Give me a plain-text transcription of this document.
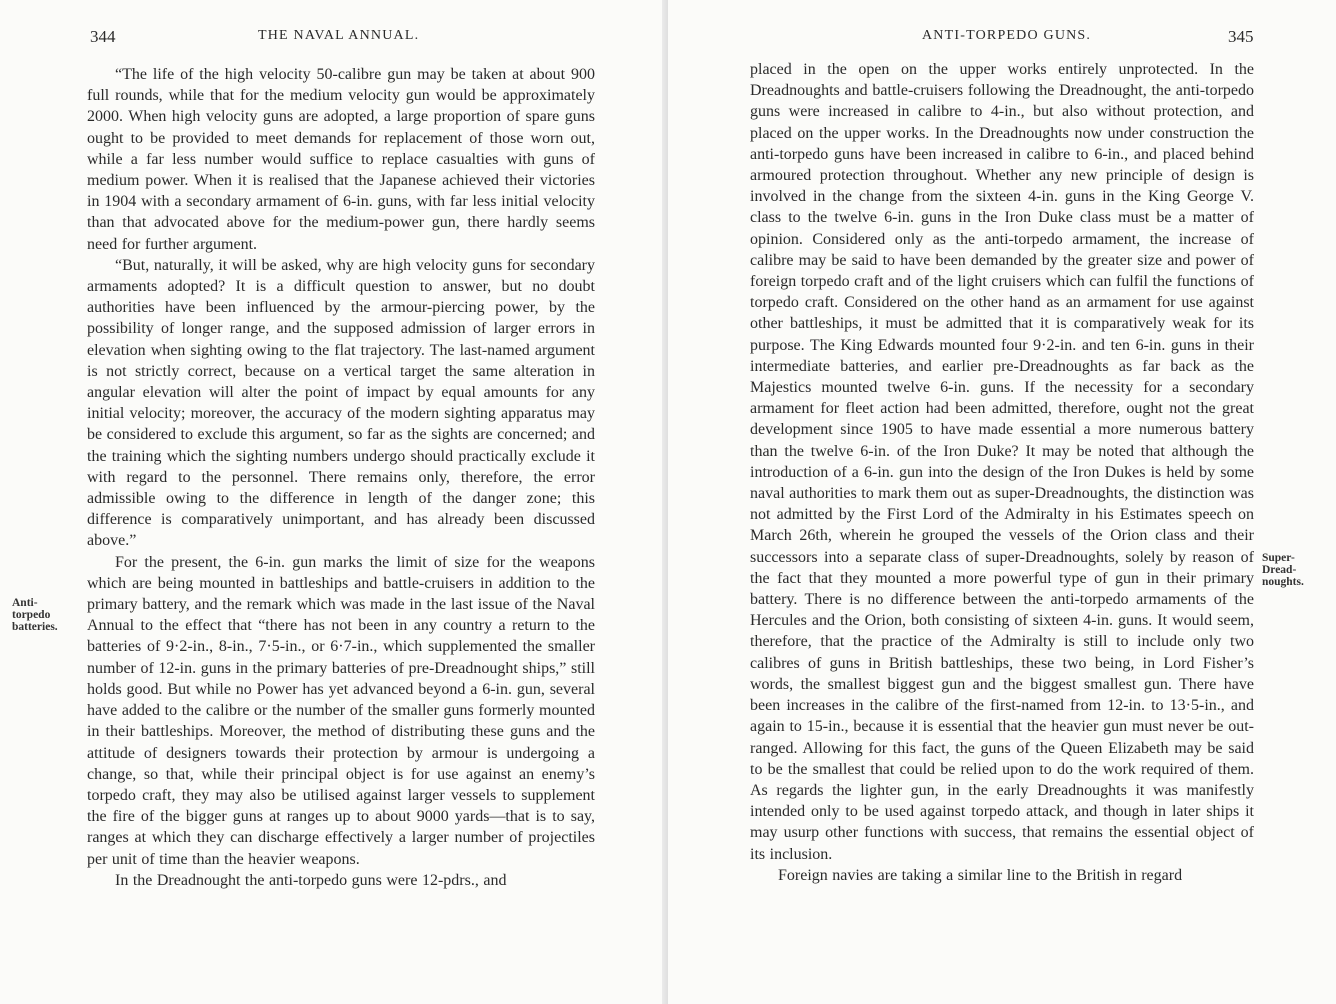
344	THE NAVAL ANNUAL.
Anti-
torpedo
batteries.

“The life of the high velocity 50-calibre gun may be taken at about 900 full rounds, while that for the medium velocity gun would be approximately 2000. When high velocity guns are adopted, a large proportion of spare guns ought to be provided to meet demands for replacement of those worn out, while a far less number would suffice to replace casualties with guns of medium power. When it is realised that the Japanese achieved their victories in 1904 with a secondary armament of 6-in. guns, with far less initial velocity than that advocated above for the medium-power gun, there hardly seems need for further argument.

“But, naturally, it will be asked, why are high velocity guns for secondary armaments adopted? It is a difficult question to answer, but no doubt authorities have been influenced by the armour-piercing power, by the possibility of longer range, and the supposed admission of larger errors in elevation when sighting owing to the flat trajectory. The last-named argument is not strictly correct, because on a vertical target the same alteration in angular elevation will alter the point of impact by equal amounts for any initial velocity; moreover, the accuracy of the modern sighting apparatus may be considered to exclude this argument, so far as the sights are concerned; and the training which the sighting numbers undergo should practically exclude it with regard to the personnel. There remains only, therefore, the error admissible owing to the difference in length of the danger zone; this difference is comparatively unimportant, and has already been discussed above.”

For the present, the 6-in. gun marks the limit of size for the weapons which are being mounted in battleships and battle-cruisers in addition to the primary battery, and the remark which was made in the last issue of the Naval Annual to the effect that “there has not been in any country a return to the batteries of 9·2-in., 8-in., 7·5-in., or 6·7-in., which supplemented the smaller number of 12-in. guns in the primary batteries of pre-Dreadnought ships,” still holds good. But while no Power has yet advanced beyond a 6-in. gun, several have added to the calibre or the number of the smaller guns formerly mounted in their battleships. Moreover, the method of distributing these guns and the attitude of designers towards their protection by armour is undergoing a change, so that, while their principal object is for use against an enemy’s torpedo craft, they may also be utilised against larger vessels to supplement the fire of the bigger guns at ranges up to about 9000 yards—that is to say, ranges at which they can discharge effectively a larger number of projectiles per unit of time than the heavier weapons.

In the Dreadnought the anti-torpedo guns were 12-pdrs., and

ANTI-TORPEDO GUNS.	345

placed in the open on the upper works entirely unprotected. In the Dreadnoughts and battle-cruisers following the Dreadnought, the anti-torpedo guns were increased in calibre to 4-in., but also without protection, and placed on the upper works. In the Dreadnoughts now under construction the anti-torpedo guns have been increased in calibre to 6-in., and placed behind armoured protection throughout. Whether any new principle of design is involved in the change from the sixteen 4-in. guns in the King George V. class to the twelve 6-in. guns in the Iron Duke class must be a matter of opinion. Considered only as the anti-torpedo armament, the increase of calibre may be said to have been demanded by the greater size and power of foreign torpedo craft and of the light cruisers which can fulfil the functions of torpedo craft. Considered on the other hand as an armament for use against other battleships, it must be admitted that it is comparatively weak for its purpose. The King Edwards mounted four 9·2-in. and ten 6-in. guns in their intermediate batteries, and earlier pre-Dreadnoughts as far back as the Majestics mounted twelve 6-in. guns. If the necessity for a secondary armament for fleet action had been admitted, therefore, ought not the great development since 1905 to have made essential a more numerous battery than the twelve 6-in. of the Iron Duke? It may be noted that although the introduction of a 6-in. gun into the design of the Iron Dukes is held by some naval authorities to mark them out as super-Dreadnoughts, the distinction was not admitted by the First Lord of the Admiralty in his Estimates speech on March 26th, wherein he grouped the vessels of the Orion class and their successors into a separate class of super-Dreadnoughts, solely by reason of the fact that they mounted a more powerful type of gun in their primary battery. There is no difference between the anti-torpedo armaments of the Hercules and the Orion, both consisting of sixteen 4-in. guns. It would seem, therefore, that the practice of the Admiralty is still to include only two calibres of guns in British battleships, these two being, in Lord Fisher’s words, the smallest biggest gun and the biggest smallest gun. There have been increases in the calibre of the first-named from 12-in. to 13·5-in., and again to 15-in., because it is essential that the heavier gun must never be out-ranged. Allowing for this fact, the guns of the Queen Elizabeth may be said to be the smallest that could be relied upon to do the work required of them. As regards the lighter gun, in the early Dreadnoughts it was manifestly intended only to be used against torpedo attack, and though in later ships it may usurp other functions with success, that remains the essential object of its inclusion.

Foreign navies are taking a similar line to the British in regard

Super-
Dread-
noughts.
